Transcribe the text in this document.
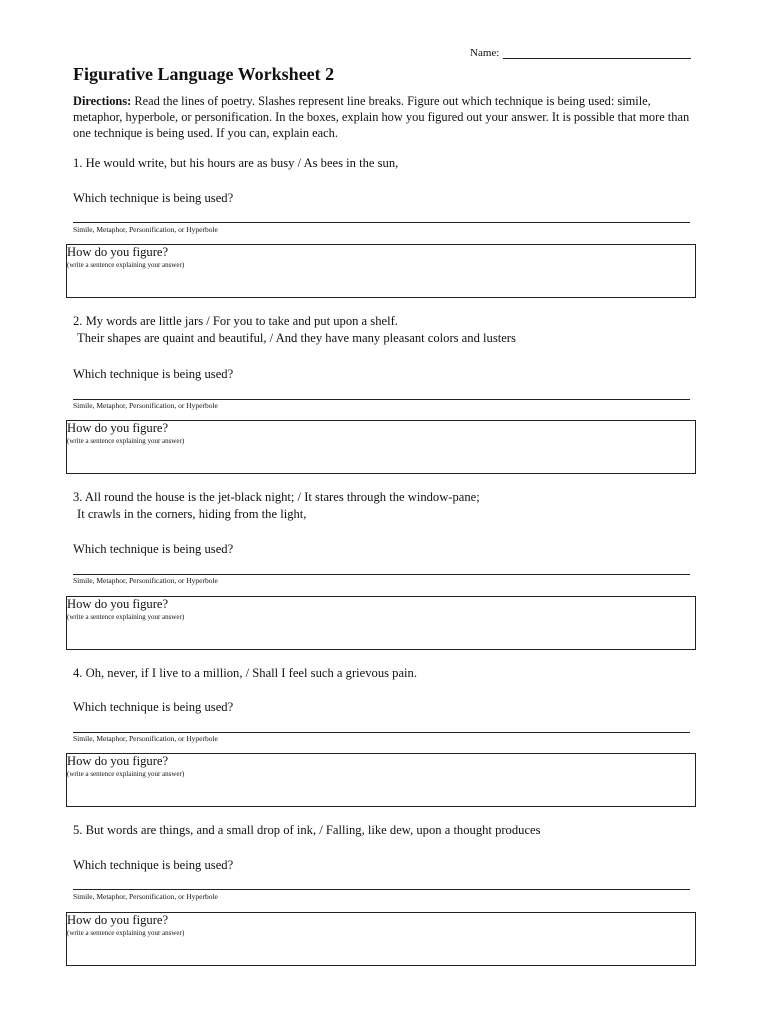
Name:
Figurative Language Worksheet 2

Directions: Read the lines of poetry. Slashes represent line breaks. Figure out which technique is being used: simile, metaphor, hyperbole, or personification. In the boxes, explain how you figured out your answer. It is possible that more than one technique is being used. If you can, explain each.

1. He would write, but his hours are as busy / As bees in the sun,
Which technique is being used?
Simile, Metaphor, Personification, or Hyperbole
How do you figure?
(write a sentence explaining your answer)
2. My words are little jars / For you to take and put upon a shelf.
Their shapes are quaint and beautiful, / And they have many pleasant colors and lusters
Which technique is being used?
Simile, Metaphor, Personification, or Hyperbole
How do you figure?
(write a sentence explaining your answer)
3. All round the house is the jet-black night; / It stares through the window-pane;
It crawls in the corners, hiding from the light,
Which technique is being used?
Simile, Metaphor, Personification, or Hyperbole
How do you figure?
(write a sentence explaining your answer)
4. Oh, never, if I live to a million, / Shall I feel such a grievous pain.
Which technique is being used?
Simile, Metaphor, Personification, or Hyperbole
How do you figure?
(write a sentence explaining your answer)
5. But words are things, and a small drop of ink, / Falling, like dew, upon a thought produces
Which technique is being used?
Simile, Metaphor, Personification, or Hyperbole
How do you figure?
(write a sentence explaining your answer)
